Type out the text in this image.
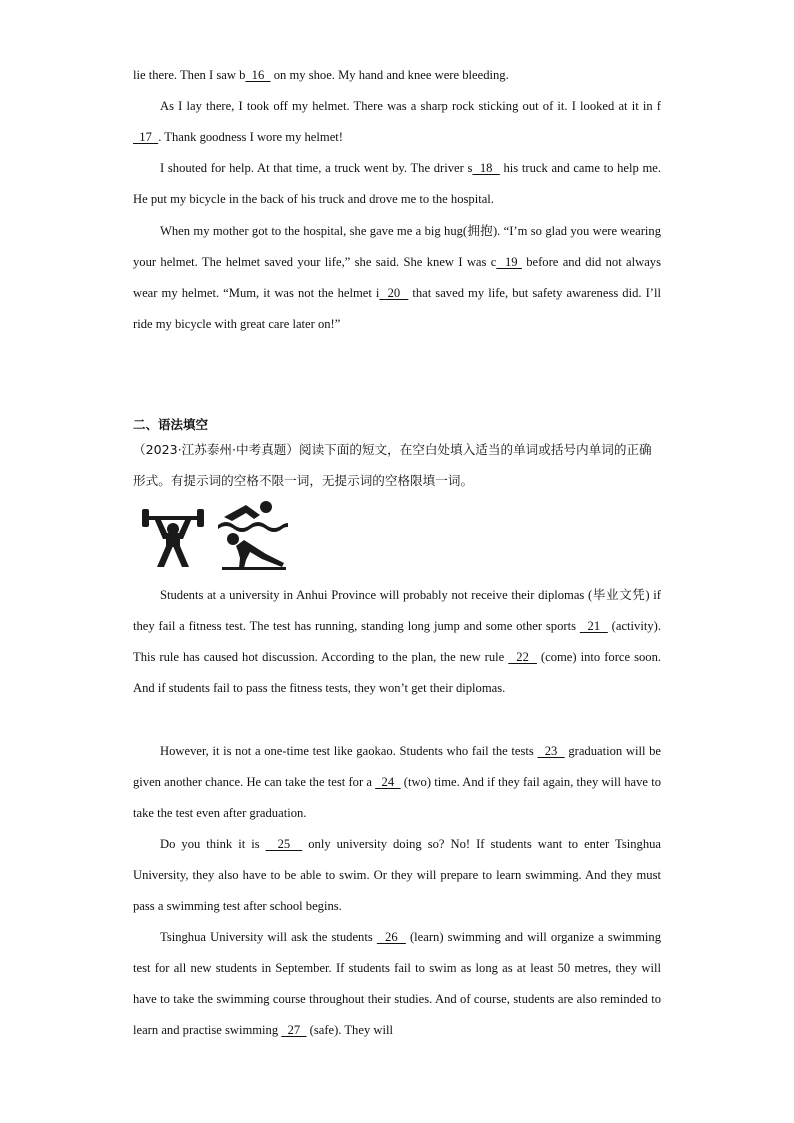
lie there. Then I saw b  16   on my shoe. My hand and knee were bleeding.
As I lay there, I took off my helmet. There was a sharp rock sticking out of it. I looked at it in f  17  . Thank goodness I wore my helmet!
I shouted for help. At that time, a truck went by. The driver s  18   his truck and came to help me. He put my bicycle in the back of his truck and drove me to the hospital.
When my mother got to the hospital, she gave me a big hug(拥抱). “I’m so glad you were wearing your helmet. The helmet saved your life,” she said. She knew I was c  19  before and did not always wear my helmet. “Mum, it was not the helmet i  20   that saved my life, but safety awareness did. I’ll ride my bicycle with great care later on!”
二、语法填空
（2023·江苏泰州·中考真题）阅读下面的短文，在空白处填入适当的单词或括号内单词的正确形式。有提示词的空格不限一词，无提示词的空格限填一词。
Students at a university in Anhui Province will probably not receive their diplomas (毕业文凭) if they fail a fitness test. The test has running, standing long jump and some other sports   21   (activity). This rule has caused hot discussion. According to the plan, the new rule   22   (come) into force soon. And if students fail to pass the fitness tests, they won’t get their diplomas.
However, it is not a one-time test like gaokao. Students who fail the tests   23   graduation will be given another chance. He can take the test for a   24   (two) time. And if they fail again, they will have to take the test even after graduation.
Do you think it is   25   only university doing so? No! If students want to enter Tsinghua University, they also have to be able to swim. Or they will prepare to learn swimming. And they must pass a swimming test after school begins.
Tsinghua University will ask the students   26   (learn) swimming and will organize a swimming test for all new students in September. If students fail to swim as long as at least 50 metres, they will have to take the swimming course throughout their studies. And of course, students are also reminded to learn and practise swimming   27   (safe). They will
